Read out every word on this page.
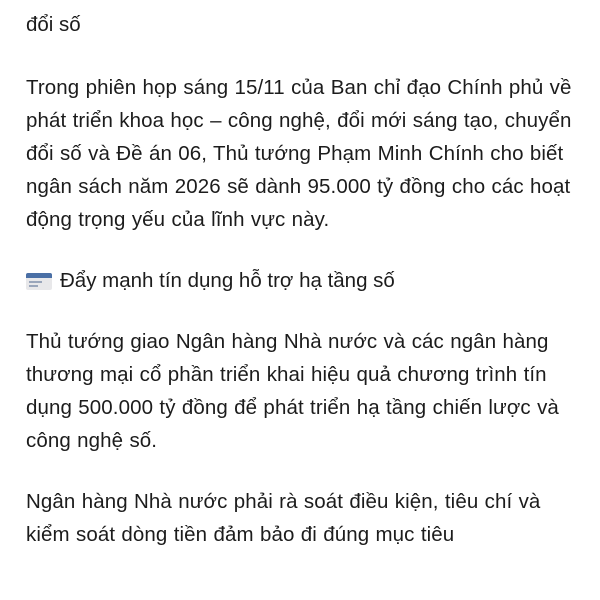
đổi số

Trong phiên họp sáng 15/11 của Ban chỉ đạo Chính phủ về phát triển khoa học – công nghệ, đổi mới sáng tạo, chuyển đổi số và Đề án 06, Thủ tướng Phạm Minh Chính cho biết ngân sách năm 2026 sẽ dành 95.000 tỷ đồng cho các hoạt động trọng yếu của lĩnh vực này.

Đẩy mạnh tín dụng hỗ trợ hạ tầng số

Thủ tướng giao Ngân hàng Nhà nước và các ngân hàng thương mại cổ phần triển khai hiệu quả chương trình tín dụng 500.000 tỷ đồng để phát triển hạ tầng chiến lược và công nghệ số.

Ngân hàng Nhà nước phải rà soát điều kiện, tiêu chí và kiểm soát dòng tiền đảm bảo đi đúng mục tiêu
